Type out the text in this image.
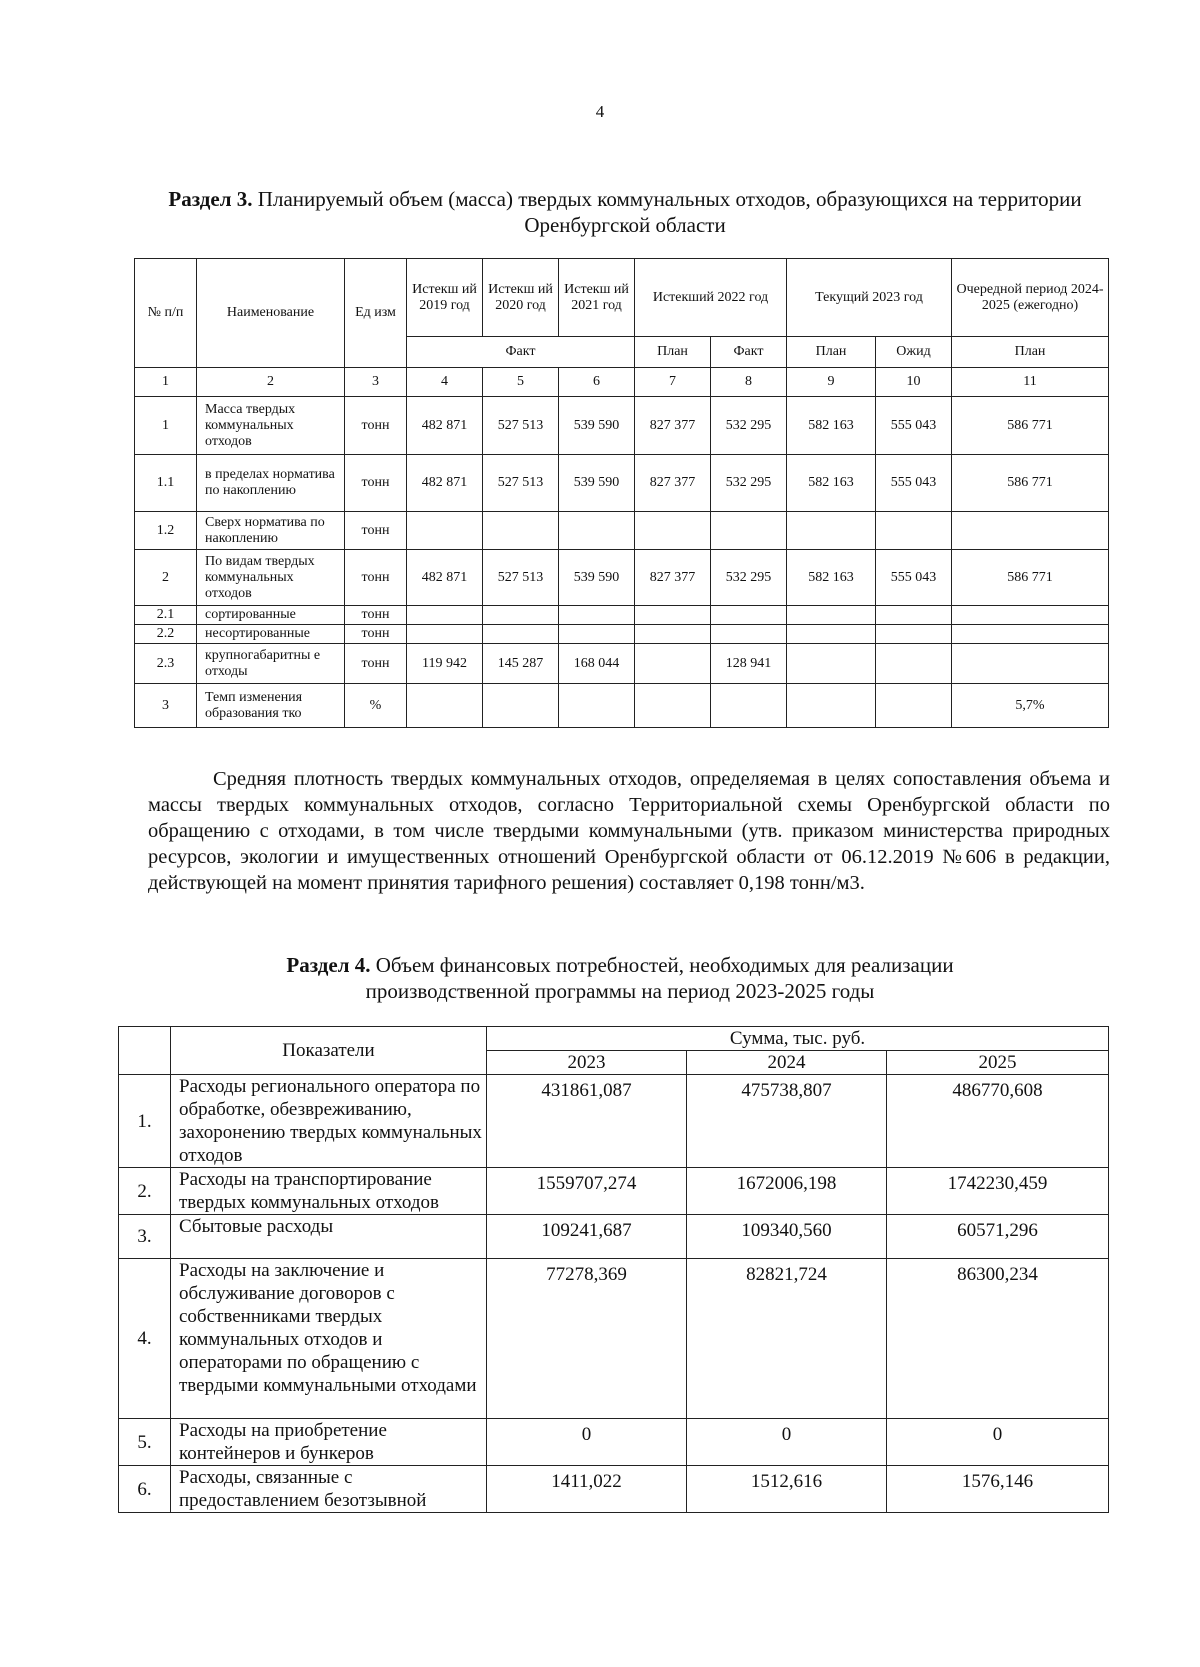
4
Раздел 3. Планируемый объем (масса) твердых коммунальных отходов, образующихся на территории Оренбургской области
№ п/п	Наименование	Ед изм	Истекш ий 2019 год	Истекш ий 2020 год	Истекш ий 2021 год	Истекший 2022 год		Текущий 2023 год		Очередной период 2024-2025 (ежегодно)
			Факт			План	Факт	План	Ожид	План
1	2	3	4	5	6	7	8	9	10	11
1	Масса твердых коммунальных отходов	тонн	482 871	527 513	539 590	827 377	532 295	582 163	555 043	586 771
1.1	в пределах норматива по накоплению	тонн	482 871	527 513	539 590	827 377	532 295	582 163	555 043	586 771
1.2	Сверх норматива по накоплению	тонн								
2	По видам твердых коммунальных отходов	тонн	482 871	527 513	539 590	827 377	532 295	582 163	555 043	586 771
2.1	сортированные	тонн								
2.2	несортированные	тонн								
2.3	крупногабаритны е отходы	тонн	119 942	145 287	168 044		128 941			
3	Темп изменения образования тко	%								5,7%

Средняя плотность твердых коммунальных отходов, определяемая в целях сопоставления объема и массы твердых коммунальных отходов, согласно Территориальной схемы Оренбургской области по обращению с отходами, в том числе твердыми коммунальными (утв. приказом министерства природных ресурсов, экологии и имущественных отношений Оренбургской области от 06.12.2019 №606 в редакции, действующей на момент принятия тарифного решения) составляет 0,198 тонн/м3.

Раздел 4. Объем финансовых потребностей, необходимых для реализации производственной программы на период 2023-2025 годы
	Показатели	Сумма, тыс. руб.		
		2023	2024	2025
1.	Расходы регионального оператора по обработке, обезвреживанию, захоронению твердых коммунальных отходов	431861,087	475738,807	486770,608
2.	Расходы на транспортирование твердых коммунальных отходов	1559707,274	1672006,198	1742230,459
3.	Сбытовые расходы	109241,687	109340,560	60571,296
4.	Расходы на заключение и обслуживание договоров с собственниками твердых коммунальных отходов и операторами по обращению с твердыми коммунальными отходами	77278,369	82821,724	86300,234
5.	Расходы на приобретение контейнеров и бункеров	0	0	0
6.	Расходы, связанные с предоставлением безотзывной	1411,022	1512,616	1576,146
